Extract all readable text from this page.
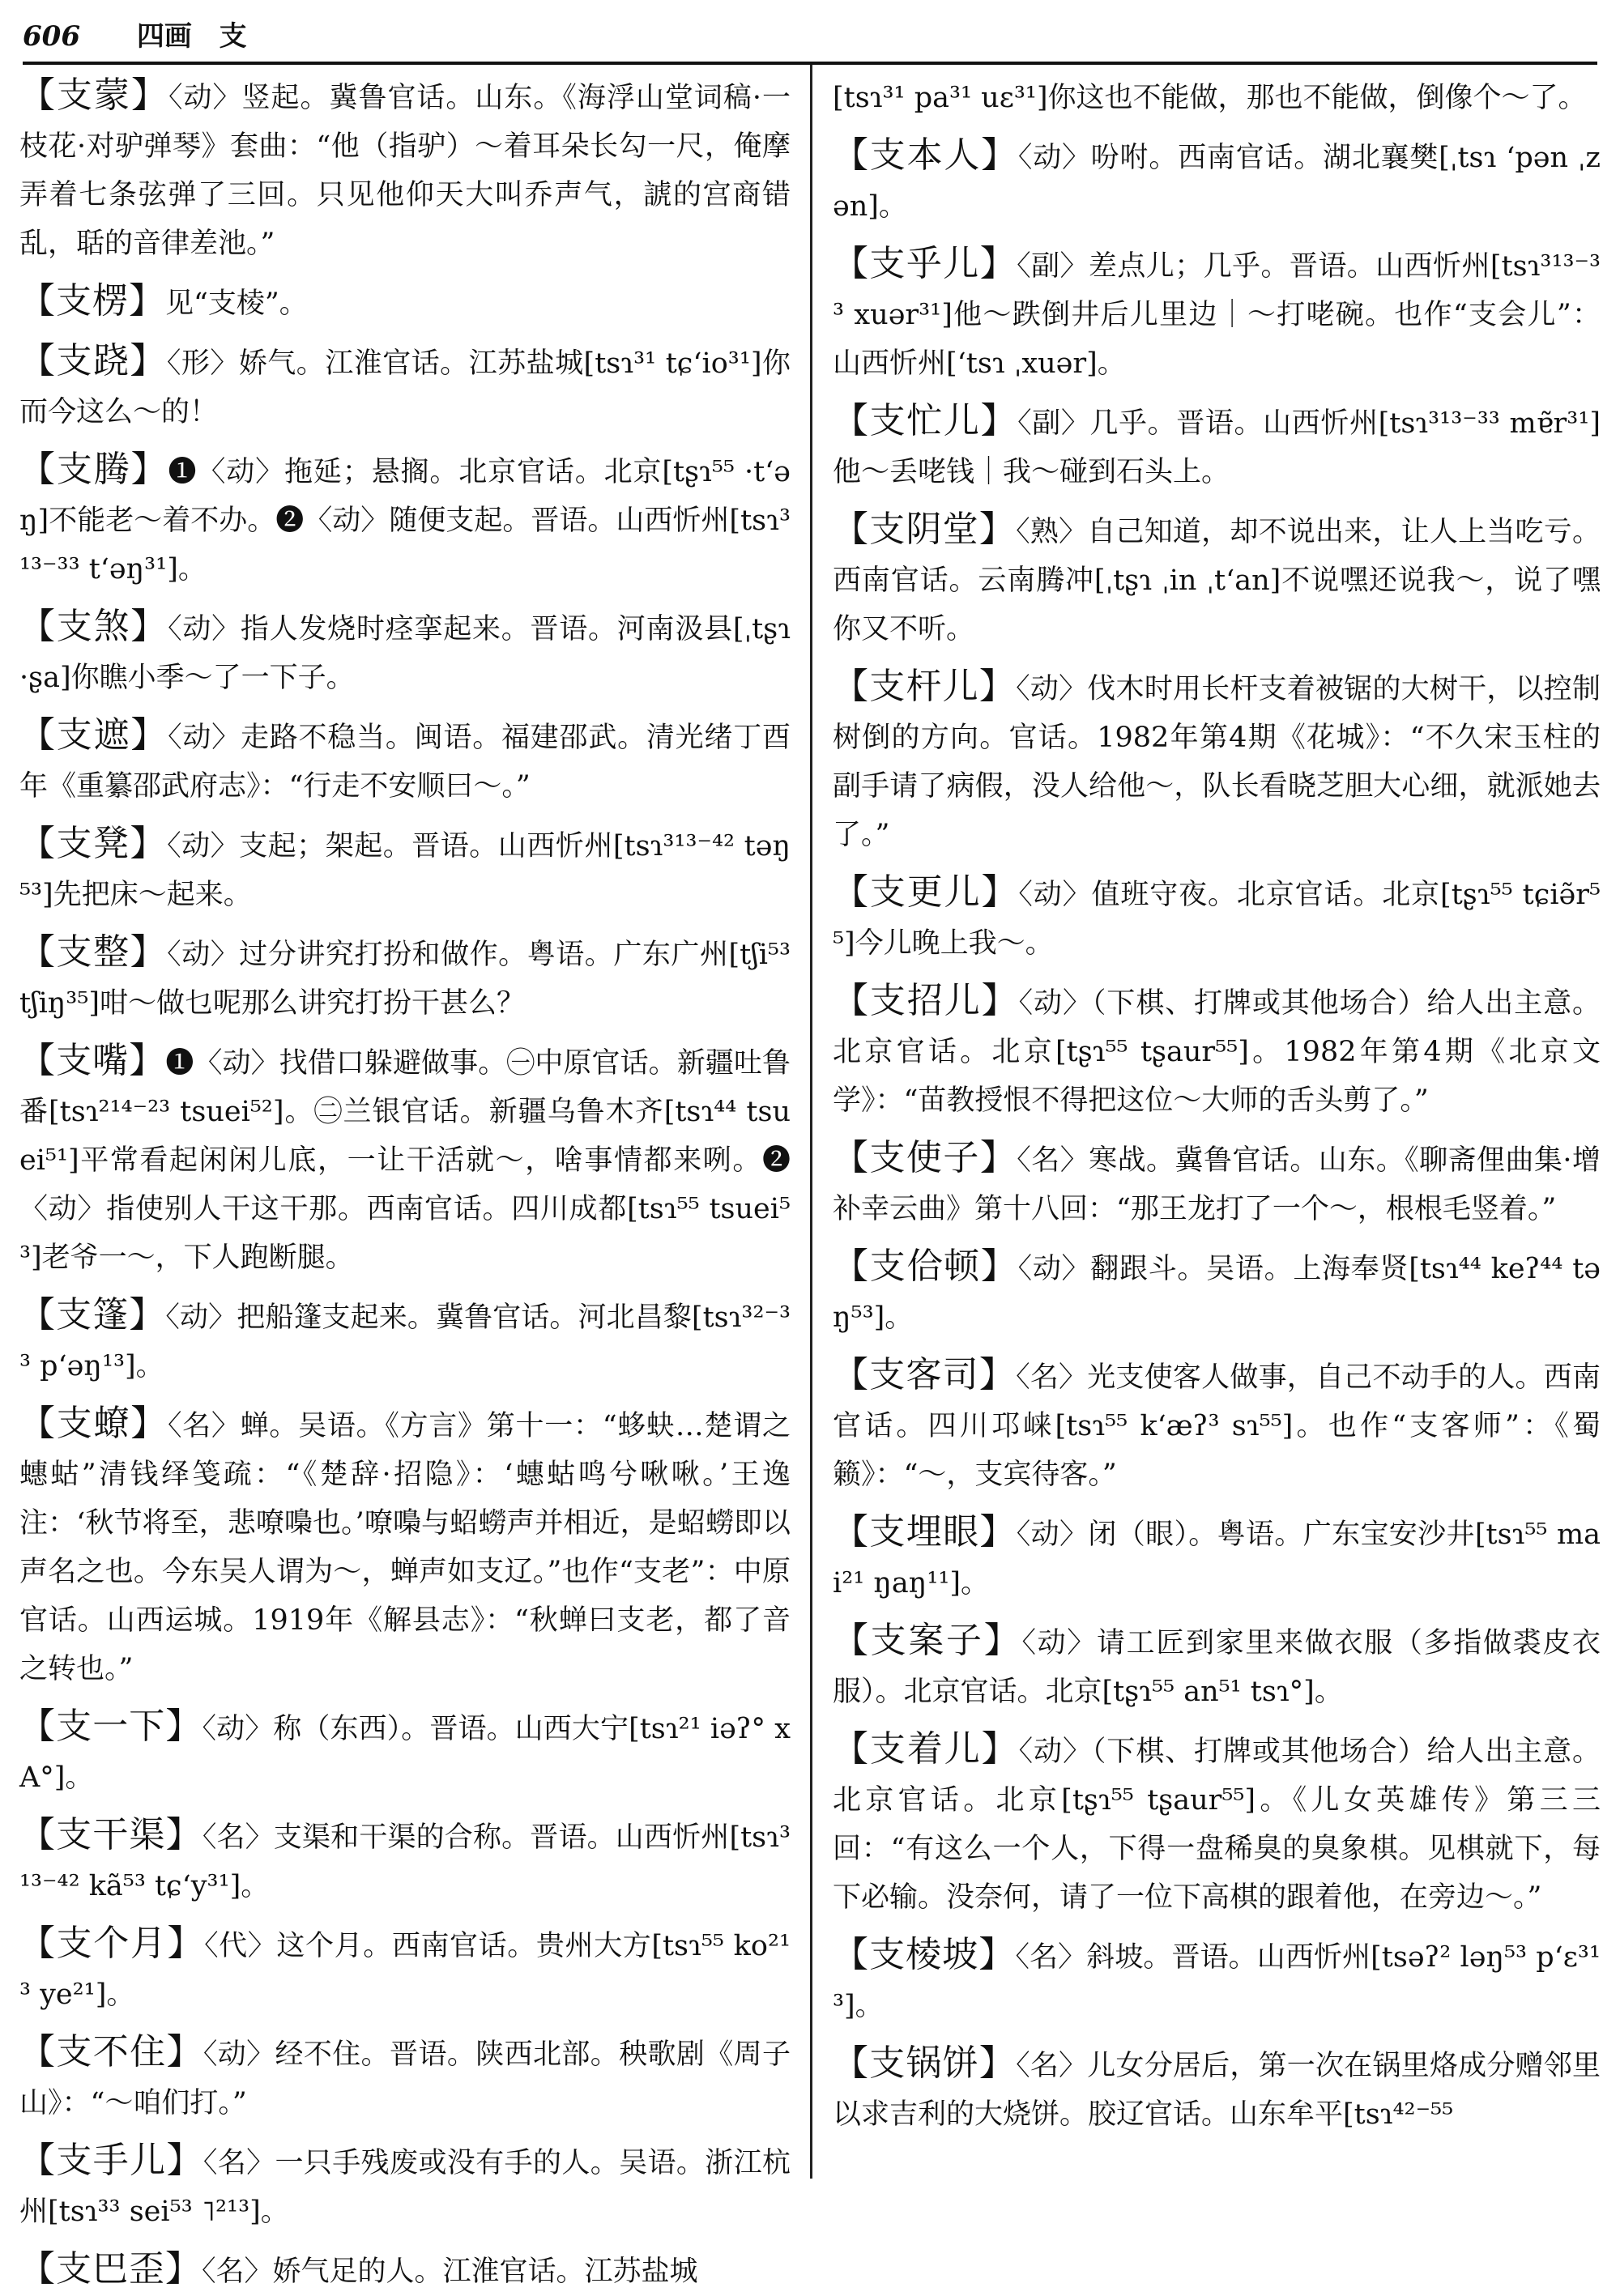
606 四画 支

【支蒙】〈动〉竖起。冀鲁官话。山东。《海浮山堂词稿·一枝花·对驴弹琴》套曲：“他（指驴）～着耳朵长勾一尺，俺摩弄着七条弦弹了三回。只见他仰天大叫乔声气，諕的宫商错乱，聒的音律差池。”

【支楞】见“支棱”。

【支跷】〈形〉娇气。江淮官话。江苏盐城[tsɿ³¹ tɕʻio³¹]你而今这么～的！

【支腾】❶〈动〉拖延；悬搁。北京官话。北京[tʂɿ⁵⁵ ·tʻəŋ]不能老～着不办。❷〈动〉随便支起。晋语。山西忻州[tsɿ³¹³⁻³³ tʻəŋ³¹]。

【支煞】〈动〉指人发烧时痉挛起来。晋语。河南汲县[ˌtʂɿ ·ʂa]你瞧小季～了一下子。

【支遮】〈动〉走路不稳当。闽语。福建邵武。清光绪丁酉年《重纂邵武府志》：“行走不安顺曰～。”

【支凳】〈动〉支起；架起。晋语。山西忻州[tsɿ³¹³⁻⁴² təŋ⁵³]先把床～起来。

【支整】〈动〉过分讲究打扮和做作。粤语。广东广州[tʃi⁵³ tʃiŋ³⁵]咁～做乜呢那么讲究打扮干甚么？

【支嘴】❶〈动〉找借口躲避做事。㊀中原官话。新疆吐鲁番[tsɿ²¹⁴⁻²³ tsuei⁵²]。㊁兰银官话。新疆乌鲁木齐[tsɿ⁴⁴ tsuei⁵¹]平常看起闲闲儿底，一让干活就～，啥事情都来咧。❷〈动〉指使别人干这干那。西南官话。四川成都[tsɿ⁵⁵ tsuei⁵³]老爷一～，下人跑断腿。

【支篷】〈动〉把船篷支起来。冀鲁官话。河北昌黎[tsɿ³²⁻³³ pʻəŋ¹³]。

【支蟟】〈名〉蝉。吴语。《方言》第十一：“蛥蚗…楚谓之蟪蛄”清钱绎笺疏：“《楚辞·招隐》：‘蟪蛄鸣兮啾啾。’王逸注：‘秋节将至，悲嘹嘄也。’嘹嘄与蛁蟧声并相近，是蛁蟧即以声名之也。今东吴人谓为～，蝉声如支辽。”也作“支老”：中原官话。山西运城。1919年《解县志》：“秋蝉曰支老，都了音之转也。”

【支一下】〈动〉称（东西）。晋语。山西大宁[tsɿ²¹ iəʔ° xA°]。

【支干渠】〈名〉支渠和干渠的合称。晋语。山西忻州[tsɿ³¹³⁻⁴² kã⁵³ tɕʻy³¹]。

【支个月】〈代〉这个月。西南官话。贵州大方[tsɿ⁵⁵ ko²¹³ ye²¹]。

【支不住】〈动〉经不住。晋语。陕西北部。秧歌剧《周子山》：“～咱们打。”

【支手儿】〈名〉一只手残废或没有手的人。吴语。浙江杭州[tsɿ³³ sei⁵³ ˥²¹³]。

【支巴歪】〈名〉娇气足的人。江淮官话。江苏盐城

[tsɿ³¹ pa³¹ uɛ³¹]你这也不能做，那也不能做，倒像个～了。

【支本人】〈动〉吩咐。西南官话。湖北襄樊[ˌtsɿ ʻpən ˌzən]。

【支乎儿】〈副〉差点儿；几乎。晋语。山西忻州[tsɿ³¹³⁻³³ xuər³¹]他～跌倒井后儿里边｜～打咾碗。也作“支会儿”：山西忻州[ʻtsɿ ˌxuər]。

【支忙儿】〈副〉几乎。晋语。山西忻州[tsɿ³¹³⁻³³ mɐ̃r³¹]他～丢咾钱｜我～碰到石头上。

【支阴堂】〈熟〉自己知道，却不说出来，让人上当吃亏。西南官话。云南腾冲[ˌtʂɿ ˌin ˌtʻan]不说嘿还说我～，说了嘿你又不听。

【支杆儿】〈动〉伐木时用长杆支着被锯的大树干，以控制树倒的方向。官话。1982年第4期《花城》：“不久宋玉柱的副手请了病假，没人给他～，队长看晓芝胆大心细，就派她去了。”

【支更儿】〈动〉值班守夜。北京官话。北京[tʂɿ⁵⁵ tɕiə̃r⁵⁵]今儿晚上我～。

【支招儿】〈动〉（下棋、打牌或其他场合）给人出主意。北京官话。北京[tʂɿ⁵⁵ tʂaur⁵⁵]。1982年第4期《北京文学》：“苗教授恨不得把这位～大师的舌头剪了。”

【支使子】〈名〉寒战。冀鲁官话。山东。《聊斋俚曲集·增补幸云曲》第十八回：“那王龙打了一个～，根根毛竖着。”

【支佮顿】〈动〉翻跟斗。吴语。上海奉贤[tsɿ⁴⁴ keʔ⁴⁴ təŋ⁵³]。

【支客司】〈名〉光支使客人做事，自己不动手的人。西南官话。四川邛崃[tsɿ⁵⁵ kʻæʔ³ sɿ⁵⁵]。也作“支客师”：《蜀籁》：“～，支宾待客。”

【支埋眼】〈动〉闭（眼）。粤语。广东宝安沙井[tsɿ⁵⁵ mai²¹ ŋaŋ¹¹]。

【支案子】〈动〉请工匠到家里来做衣服（多指做裘皮衣服）。北京官话。北京[tʂɿ⁵⁵ an⁵¹ tsɿ°]。

【支着儿】〈动〉（下棋、打牌或其他场合）给人出主意。北京官话。北京[tʂɿ⁵⁵ tʂaur⁵⁵]。《儿女英雄传》第三三回：“有这么一个人，下得一盘稀臭的臭象棋。见棋就下，每下必输。没奈何，请了一位下高棋的跟着他，在旁边～。”

【支棱坡】〈名〉斜坡。晋语。山西忻州[tsəʔ² ləŋ⁵³ pʻɛ³¹³]。

【支锅饼】〈名〉儿女分居后，第一次在锅里烙成分赠邻里以求吉利的大烧饼。胶辽官话。山东牟平[tsɿ⁴²⁻⁵⁵
